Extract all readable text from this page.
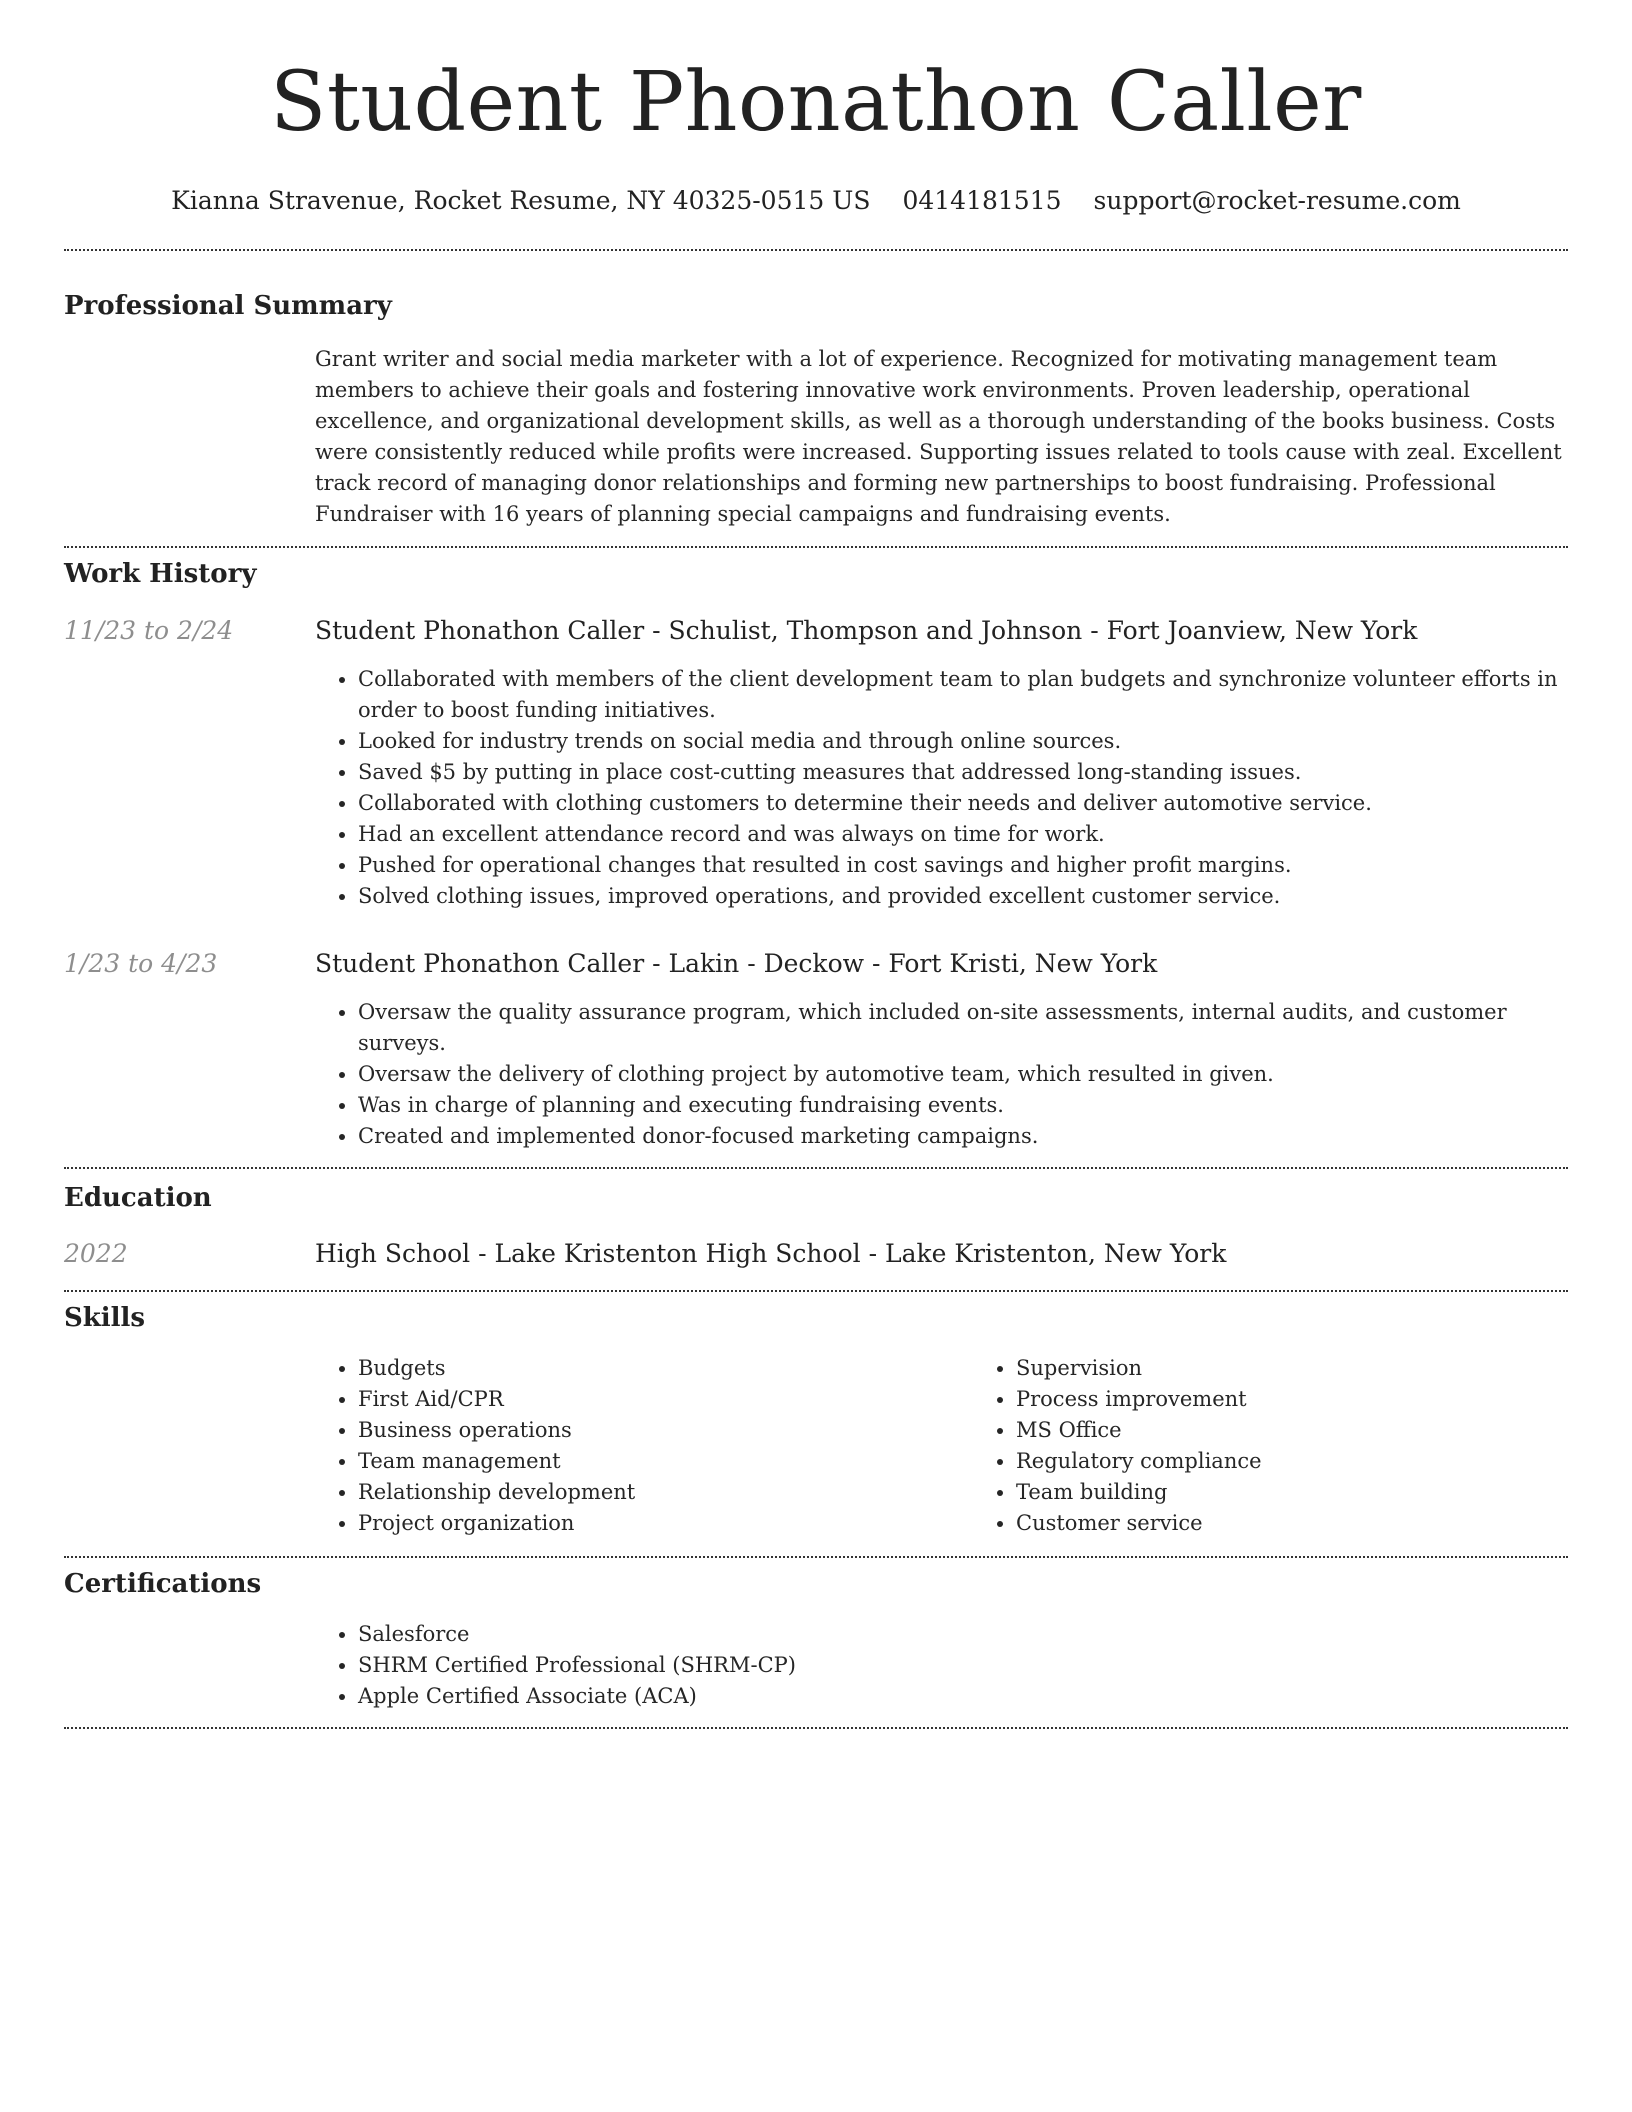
Student Phonathon Caller
Kianna Stravenue, Rocket Resume, NY 40325-0515 US 0414181515 support@rocket-resume.com
Professional Summary

Grant writer and social media marketer with a lot of experience. Recognized for motivating management team members to achieve their goals and fostering innovative work environments. Proven leadership, operational excellence, and organizational development skills, as well as a thorough understanding of the books business. Costs were consistently reduced while profits were increased. Supporting issues related to tools cause with zeal. Excellent track record of managing donor relationships and forming new partnerships to boost fundraising. Professional Fundraiser with 16 years of planning special campaigns and fundraising events.

Work History
11/23 to 2/24	Student Phonathon Caller - Schulist, Thompson and Johnson - Fort Joanview, New York
• Collaborated with members of the client development team to plan budgets and synchronize volunteer efforts in order to boost funding initiatives.
• Looked for industry trends on social media and through online sources.
• Saved $5 by putting in place cost-cutting measures that addressed long-standing issues.
• Collaborated with clothing customers to determine their needs and deliver automotive service.
• Had an excellent attendance record and was always on time for work.
• Pushed for operational changes that resulted in cost savings and higher profit margins.
• Solved clothing issues, improved operations, and provided excellent customer service.
1/23 to 4/23	Student Phonathon Caller - Lakin - Deckow - Fort Kristi, New York
• Oversaw the quality assurance program, which included on-site assessments, internal audits, and customer surveys.
• Oversaw the delivery of clothing project by automotive team, which resulted in given.
• Was in charge of planning and executing fundraising events.
• Created and implemented donor-focused marketing campaigns.
Education
2022	High School - Lake Kristenton High School - Lake Kristenton, New York
Skills
• Budgets
• First Aid/CPR
• Business operations
• Team management
• Relationship development
• Project organization
• Supervision
• Process improvement
• MS Office
• Regulatory compliance
• Team building
• Customer service
Certifications
• Salesforce
• SHRM Certified Professional (SHRM-CP)
• Apple Certified Associate (ACA)
